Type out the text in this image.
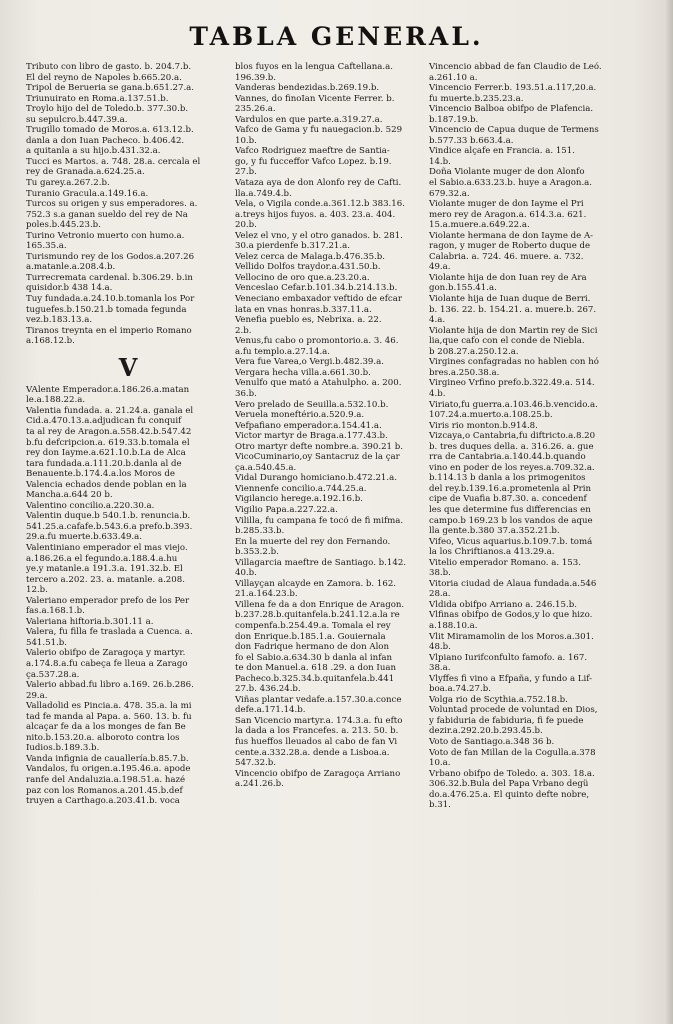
TABLA GENERAL.
Tributo con libro de gasto. b. 204.7.b.
El del reyno de Napoles b.665.20.a.
Tripol de Berueria se gana.b.651.27.a.
Triunuirato en Roma.a.137.51.b.
Troylo hijo del de Toledo.b. 377.30.b.
su sepulcro.b.447.39.a.
Trugillo tomado de Moros.a. 613.12.b.
danla a don Iuan Pacheco. b.406.42.
a quitanla a su hijo.b.431.32.a.
Tucci es Martos. a. 748. 28.a. cercala el
rey de Granada.a.624.25.a.
Tu garey.a.267.2.b.
Turanio Gracula.a.149.16.a.
Turcos su origen y sus emperadores. a.
752.3 s.a ganan sueldo del rey de Na
poles.b.445.23.b.
Turino Vetronio muerto con humo.a.
165.35.a.
Turismundo rey de los Godos.a.207.26
a.matanle.a.208.4.b.
Turrecremata cardenal. b.306.29. b.in
quisidor.b 438 14.a.
Tuy fundada.a.24.10.b.tomanla los Por
tuguefes.b.150.21.b tomada fegunda
vez.b.183.13.a.
Tiranos treynta en el imperio Romano
a.168.12.b.
V
VAlente Emperador.a.186.26.a.matan
le.a.188.22.a.
Valentia fundada. a. 21.24.a. ganala el
Cid.a.470.13.a.adjudican fu conquif
ta al rey de Aragon.a.558.42.b.547.42
b.fu defcripcion.a. 619.33.b.tomala el
rey don Iayme.a.621.10.b.La de Alca
tara fundada.a.111.20.b.danla al de
Benauente.b.174.4.a.los Moros de
Valencia echados dende poblan en la
Mancha.a.644 20 b.
Valentino concilio.a.220.30.a.
Valentin duque.b 540.1.b. renuncia.b.
541.25.a.cafafe.b.543.6.a prefo.b.393.
29.a.fu muerte.b.633.49.a.
Valentiniano emperador el mas viejo.
a.186.26.a el fegundo.a.188.4.a.hu
ye.y matanle.a 191.3.a. 191.32.b. El
tercero a.202. 23. a. matanle. a.208.
12.b.
Valeriano emperador prefo de los Per
fas.a.168.1.b.
Valeriana hiftoria.b.301.11 a.
Valera, fu filla fe traslada a Cuenca. a.
541.51.b.
Valerio obifpo de Zaragoça y martyr.
a.174.8.a.fu cabeça fe lleua a Zarago
ça.537.28.a.
Valerio abbad.fu libro a.169. 26.b.286.
29.a.
Valladolid es Pincia.a. 478. 35.a. la mi
tad fe manda al Papa. a. 560. 13. b. fu
alcaçar fe da a los monges de fan Be
nito.b.153.20.a. alboroto contra los
Iudios.b.189.3.b.
Vanda infignia de cauallería.b.85.7.b.
Vandalos, fu origen.a.195.46.a. apode
ranfe del Andaluzia.a.198.51.a. hazé
paz con los Romanos.a.201.45.b.def
truyen a Carthago.a.203.41.b. voca
blos fuyos en la lengua Caftellana.a.
196.39.b.
Vanderas bendezidas.b.269.19.b.
Vannes, do finoIan Vicente Ferrer. b.
235.26.a.
Vardulos en que parte.a.319.27.a.
Vafco de Gama y fu nauegacion.b. 529
10.b.
Vafco Rodriguez maeftre de Santia-
go, y fu fucceffor Vafco Lopez. b.19.
27.b.
Vataza aya de don Alonfo rey de Cafti.
lla.a.749.4.b.
Vela, o Vigila conde.a.361.12.b 383.16.
a.treys hijos fuyos. a. 403. 23.a. 404.
20.b.
Velez el vno, y el otro ganados. b. 281.
30.a pierdenfe b.317.21.a.
Velez cerca de Malaga.b.476.35.b.
Vellido Dolfos traydor.a.431.50.b.
Vellocino de oro que.a.23.20.a.
Venceslao Cefar.b.101.34.b.214.13.b.
Veneciano embaxador veftido de efcar
lata en vnas honras.b.337.11.a.
Venefia pueblo es, Nebrixa. a. 22.
2.b.
Venus,fu cabo o promontorio.a. 3. 46.
a.fu templo.a.27.14.a.
Vera fue Varea,o Vergi.b.482.39.a.
Vergara hecha villa.a.661.30.b.
Venulfo que mató a Atahulpho. a. 200.
36.b.
Vero prelado de Seuilla.a.532.10.b.
Veruela moneftério.a.520.9.a.
Vefpafiano emperador.a.154.41.a.
Victor martyr de Braga.a.177.43.b.
Otro martyr defte nombre.a. 390.21 b.
VicoCuminario,oy Santacruz de la çar
ça.a.540.45.a.
Vidal Durango homiciano.b.472.21.a.
Viennenfe concilio.a.744.25.a.
Vigilancio herege.a.192.16.b.
Vigilio Papa.a.227.22.a.
Vililla, fu campana fe tocó de fi mifma.
b.285.33.b.
En la muerte del rey don Fernando.
b.353.2.b.
Villagarcia maeftre de Santiago. b.142.
40.b.
Villayçan alcayde en Zamora. b. 162.
21.a.164.23.b.
Villena fe da a don Enrique de Aragon.
b.237.28.b.quitanfela.b.241.12.a.la re
compenfa.b.254.49.a. Tomala el rey
don Enrique.b.185.1.a. Gouiernala
don Fadrique hermano de don Alon
fo el Sabio.a.634.30 b danla al infan
te don Manuel.a. 618 .29. a don Iuan
Pacheco.b.325.34.b.quitanfela.b.441
27.b. 436.24.b.
Viñas plantar vedafe.a.157.30.a.conce
defe.a.171.14.b.
San Vicencio martyr.a. 174.3.a. fu efto
la dada a los Francefes. a. 213. 50. b.
fus hueffos lleuados al cabo de fan Vi
cente.a.332.28.a. dende a Lisboa.a.
547.32.b.
Vincencio obifpo de Zaragoça Arriano
a.241.26.b.
Vincencio abbad de fan Claudio de Leó.
a.261.10 a.
Vincencio Ferrer.b. 193.51.a.117,20.a.
fu muerte.b.235.23.a.
Vincencio Balboa obifpo de Plafencia.
b.187.19.b.
Vincencio de Capua duque de Termens
b.577.33 b.663.4.a.
Vindice alçafe en Francia. a. 151.
14.b.
Doña Violante muger de don Alonfo
el Sabio.a.633.23.b. huye a Aragon.a.
679.32.a.
Violante muger de don Iayme el Pri
mero rey de Aragon.a. 614.3.a. 621.
15.a.muere.a.649.22.a.
Violante hermana de don Iayme de A-
ragon, y muger de Roberto duque de
Calabria. a. 724. 46. muere. a. 732.
49.a.
Violante hija de don Iuan rey de Ara
gon.b.155.41.a.
Violante hija de Iuan duque de Berri.
b. 136. 22. b. 154.21. a. muere.b. 267.
4.a.
Violante hija de don Martin rey de Sici
lia,que cafo con el conde de Niebla.
b 208.27.a.250.12.a.
Virgines confagradas no hablen con hó
bres.a.250.38.a.
Virgineo Vrfino prefo.b.322.49.a. 514.
4.b.
Viriato,fu guerra.a.103.46.b.vencido.a.
107.24.a.muerto.a.108.25.b.
Viris rio monton.b.914.8.
Vizcaya,o Cantabria,fu diftricto.a.8.20
b. tres duques della. a. 316.26. a. gue
rra de Cantabria.a.140.44.b.quando
vino en poder de los reyes.a.709.32.a.
b.114.13 b danla a los primogenitos
del rey.b.139.16.a.prometenla al Prin
cipe de Vuafia b.87.30. a. concedenf
les que determine fus differencias en
campo.b 169.23 b los vandos de aque
lla gente.b.380 37.a.352.21.b.
Vifeo, Vicus aquarius.b.109.7.b. tomá
la los Chriftianos.a 413.29.a.
Vitelio emperador Romano. a. 153.
38.b.
Vitoria ciudad de Alaua fundada.a.546
28.a.
Vldida obifpo Arriano a. 246.15.b.
Vlfinas obifpo de Godos,y lo que hizo.
a.188.10.a.
Vlit Miramamolin de los Moros.a.301.
48.b.
Vlpiano Iurifconfulto famofo. a. 167.
38.a.
Vlyffes fi vino a Efpaña, y fundo a Lif-
boa.a.74.27.b.
Volga rio de Scythia.a.752.18.b.
Voluntad procede de voluntad en Dios,
y fabiduria de fabiduria, fi fe puede
dezir.a.292.20.b.293.45.b.
Voto de Santiago.a.348 36 b.
Voto de fan Millan de la Cogulla.a.378
10.a.
Vrbano obifpo de Toledo. a. 303. 18.a.
306.32.b.Bula del Papa Vrbano degü
do.a.476.25.a. El quinto defte nobre,
b.31.
